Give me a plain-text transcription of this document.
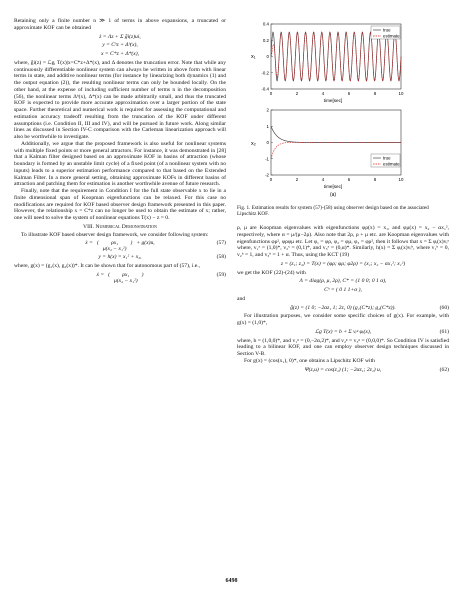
Retaining only a finite number n ≫ 1 of terms in above expansions, a truncated or approximate KOF can be obtained

ż = Λz + Σ g̃i(z)ui,
y = Cʰz + Δʰ(x),
x = C*z + Δ*(x),

where, g̃i(z) = ℒgᵢ T(x)|x=C*z+Δ*(x), and Δ denotes the truncation error. Note that while any continuously differentiable nonlinear system can always be written in above form with linear terms in state, and additive nonlinear terms (for instance by linearizing both dynamics (1) and the output equation (2)), the resulting nonlinear terms can only be bounded locally. On the other hand, at the expense of including sufficient number of terms n in the decomposition (56), the nonlinear terms Δʰ(x), Δ*(x) can be made arbitrarily small, and thus the truncated KOF is expected to provide more accurate approximation over a larger portion of the state space. Further theoretical and numerical work is required for assessing the computational and estimation accuracy tradeoff resulting from the truncation of the KOF under different assumptions (i.e. Condition II, III and IV), and will be pursued in future work. Along similar lines as discussed in Section IV-C comparison with the Carleman linearization approach will also be worthwhile to investigate.

Additionally, we argue that the proposed framework is also useful for nonlinear systems with multiple fixed points or more general attractors. For instance, it was demonstrated in [28] that a Kalman filter designed based on an approximate KOF in basins of attraction (whose boundary is formed by an unstable limit cycle) of a fixed point (of a nonlinear system with no inputs) leads to a superior estimation performance compared to that based on the Extended Kalman Filter. In a more general setting, obtaining approximate KOFs in different basins of attraction and patching them for estimation is another worthwhile avenue of future research.

Finally, note that the requirement in Condition I for the full state observable x to lie in a finite dimensional span of Koopman eigenfunctions can be relaxed. For this case no modifications are required for KOF based observer design framework presented in this paper. However, the relationship x = C*z can no longer be used to obtain the estimate of x; rather, one will need to solve the system of nonlinear equations T(x) − z = 0.

VIII. Numerical Demonstration

To illustrate KOF based observer design framework, we consider following system:

ẋ = (	ρx₁
μ(x₂ − x₁²)
) + g(x)u,	(57)
y = h(x) = x₁² + x₂,	(58)

where, g(x) = (g₁(x), g₂(x))*. It can be shown that for autonomous part of (57), i.e.,

ẋ = (	ρx₁
μ(x₂ − x₁²)
)	(59)
x₁
time[sec]
0.4
0.2
0
-0.2
-0.4
0	2	4	6	8	10
true
estimate
x₂
time[sec]
2
1
0
-1
-2
0	2	4	6	8	10
true
estimate
(a)
Fig. 1. Estimation results for system (57)-(58) using observer design based on the associated Lipschitz KOF.

ρ, μ are Koopman eigenvalues with eigenfunctions φρ(x) = x₁, and φμ(x) = x₂ − αx₁², respectively, where α = μ/(μ−2ρ). Also note that 2ρ, ρ + μ etc. are Koopman eigenvalues with eigenfunctions φρ², φρφμ etc. Let φ₁ = φρ, φ₂ = φμ, φ₃ = φρ², then it follows that x = Σ φᵢ(x)vᵢˣ where, v₁ˣ = (1,0)*, v₂ˣ = (0,1)*, and v₃ˣ = (0,α)*. Similarly, h(x) = Σ φᵢ(x)vᵢʰ, where v₁ʰ = 0, v₂ʰ = 1, and v₃ʰ = 1 + α. Thus, using the KCT (19)

z = (z₁; z₂) = T(x) = (φρ; φμ; φ2ρ) = (x₁; x₂ − αx₁²; x₁²)

we get the KOF (22)-(24) with

Λ = diag(ρ, μ, 2ρ), C* = (1 0 0; 0 1 α),
Cʰ = ( 0 1 1+α ),

and

g̃(z) = (1 0; −2αz₁ 1; 2z₁ 0) (g₁(C*z); g₂(C*z)).	(60)

For illustration purposes, we consider some specific choices of g(x). For example, with g(x) = (1,0)*,

ℒg T(x) = b + Σ vᵢᵍ φᵢ(x),	(61)

where, b = (1,0,0)*, and v₁ᵍ = (0,−2α,2)*, and v₂ᵍ = v₃ᵍ = (0,0,0)*. So Condition IV is satisfied leading to a bilinear KOF, and one can employ observer design techniques discussed in Section V-B.

For g(x) = (cos(x₁), 0)*, one obtains a Lipschitz KOF with

Ψ(z,u) = cos(z₁) (1; −2αz₁; 2z₁) u,	(62)
6498
